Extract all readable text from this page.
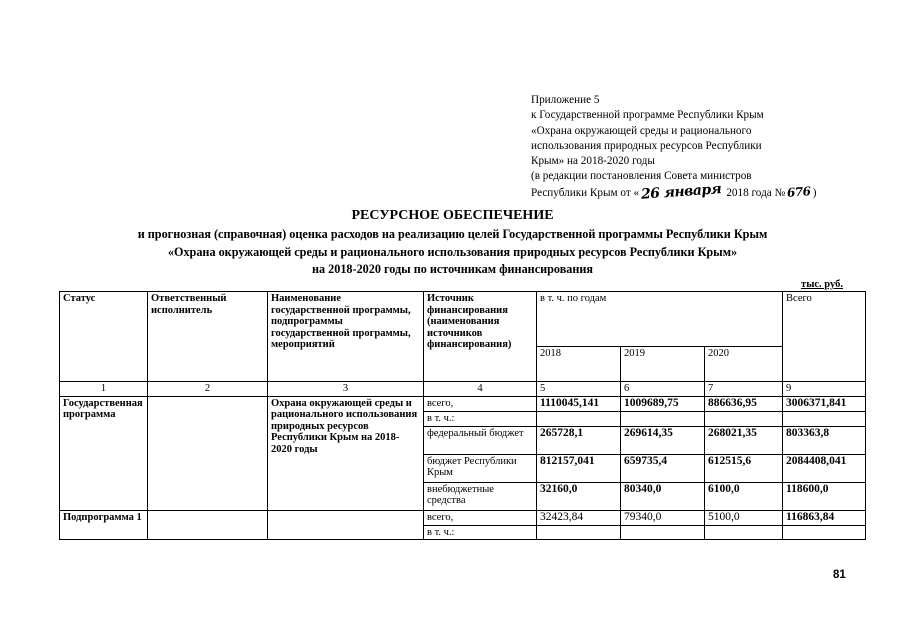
Приложение 5
к Государственной программе Республики Крым
«Охрана окружающей среды и рационального
использования природных ресурсов Республики
Крым» на 2018-2020 годы
(в редакции постановления Совета министров
Республики Крым от «26 января 2018 года №676 )
РЕСУРСНОЕ ОБЕСПЕЧЕНИЕ
и прогнозная (справочная) оценка расходов на реализацию целей Государственной программы Республики Крым
«Охрана окружающей среды и рационального использования природных ресурсов Республики Крым»
на 2018-2020 годы по источникам финансирования
тыс. руб.
Статус	Ответственный исполнитель	Наименование государственной программы, подпрограммы государственной программы, мероприятий	Источник финансирования (наименования источников финансирования)	в т. ч. по годам			Всего
				2018	2019	2020	
1	2	3	4	5	6	7	9
Государственная программа		Охрана окружающей среды и рационального использования природных ресурсов Республики Крым на 2018-2020 годы	всего,	1110045,141	1009689,75	886636,95	3006371,841
			в т. ч.:				
			федеральный бюджет	265728,1	269614,35	268021,35	803363,8
			бюджет Республики Крым	812157,041	659735,4	612515,6	2084408,041
			внебюджетные средства	32160,0	80340,0	6100,0	118600,0
Подпрограмма 1			всего,	32423,84	79340,0	5100,0	116863,84
			в т. ч.:				
81
